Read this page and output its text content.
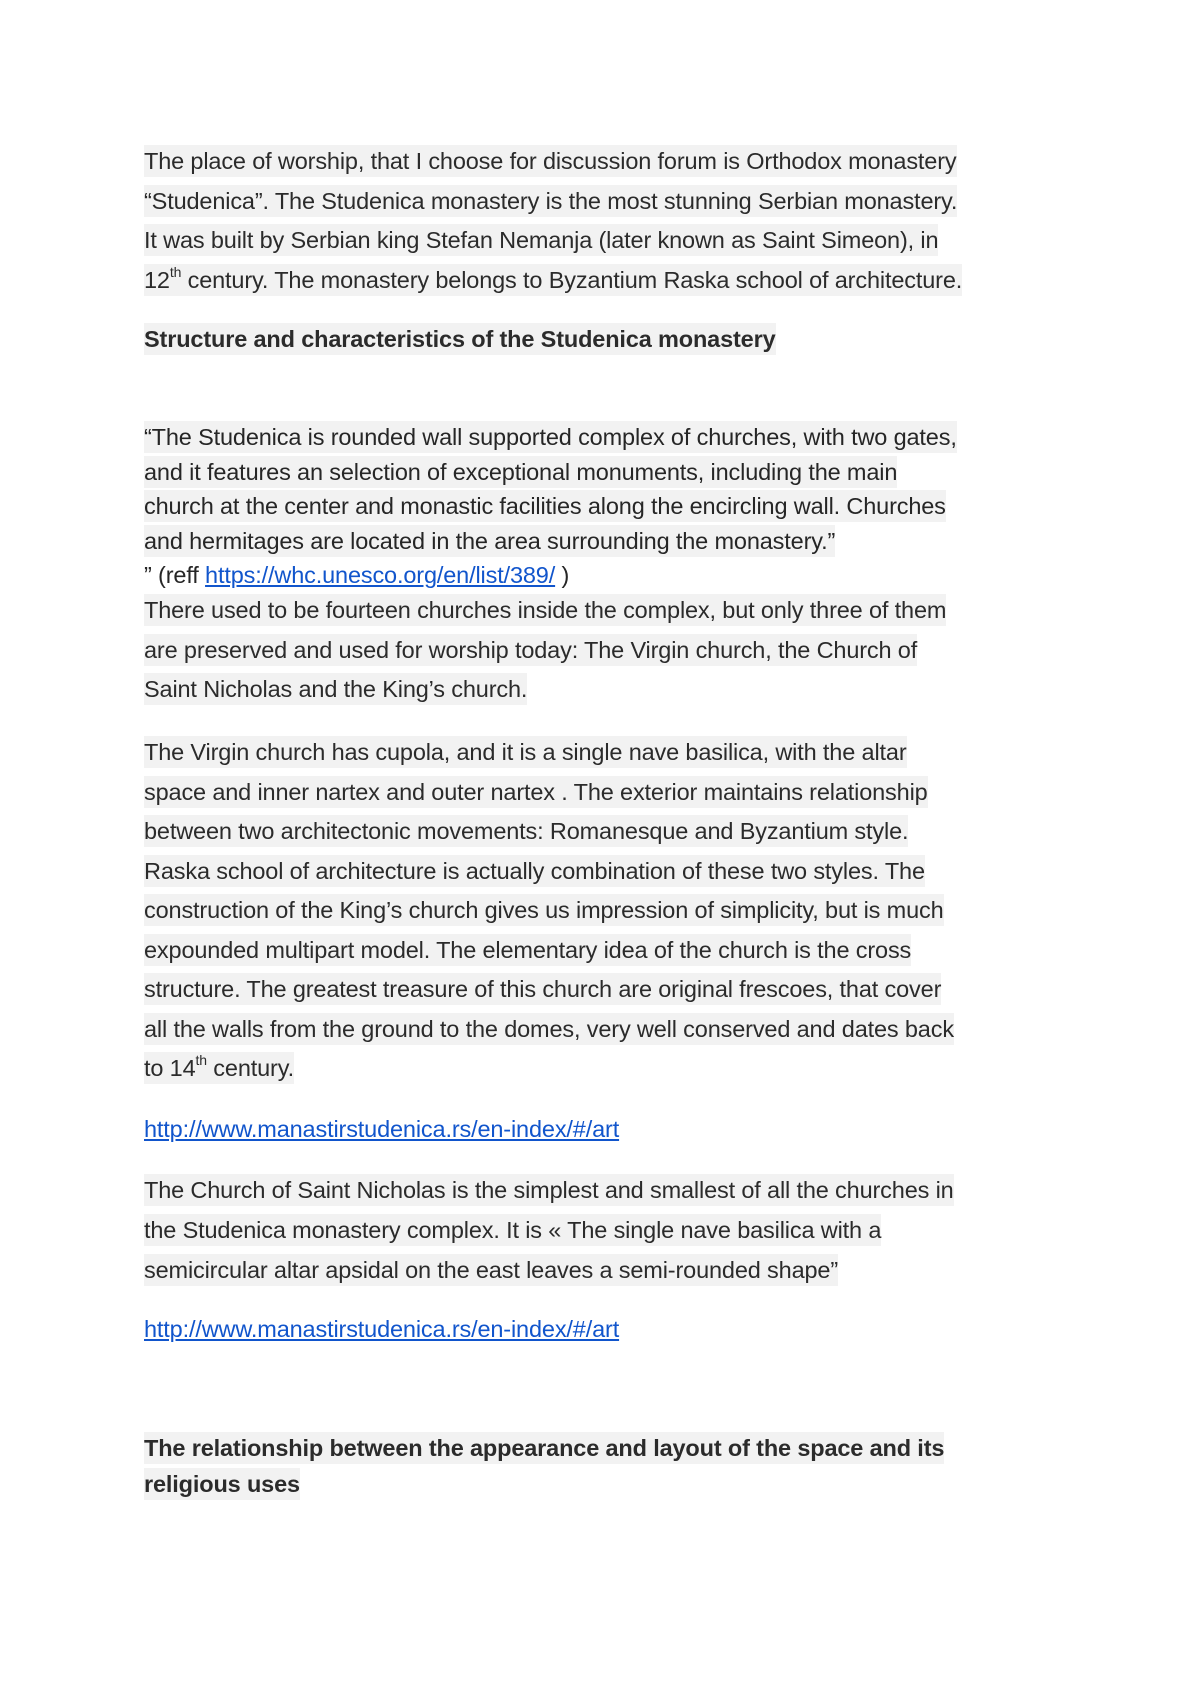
The place of worship, that I choose for discussion forum is Orthodox monastery
“Studenica”. The Studenica monastery is the most stunning Serbian monastery.
It was built by Serbian king Stefan Nemanja (later known as Saint Simeon), in
12th century. The monastery belongs to Byzantium Raska school of architecture.
Structure and characteristics of the Studenica monastery
“The Studenica is rounded wall supported complex of churches, with two gates,
and it features an selection of exceptional monuments, including the main
church at the center and monastic facilities along the encircling wall. Churches
and hermitages are located in the area surrounding the monastery.”
” (reff https://whc.unesco.org/en/list/389/ )
There used to be fourteen churches inside the complex, but only three of them
are preserved and used for worship today: The Virgin church, the Church of
Saint Nicholas and the King’s church.
The Virgin church has cupola, and it is a single nave basilica, with the altar
space and inner nartex and outer nartex . The exterior maintains relationship
between two architectonic movements: Romanesque and Byzantium style.
Raska school of architecture is actually combination of these two styles. The
construction of the King’s church gives us impression of simplicity, but is much
expounded multipart model. The elementary idea of the church is the cross
structure. The greatest treasure of this church are original frescoes, that cover
all the walls from the ground to the domes, very well conserved and dates back
to 14th century.
http://www.manastirstudenica.rs/en-index/#/art
The Church of Saint Nicholas is the simplest and smallest of all the churches in
the Studenica monastery complex. It is « The single nave basilica with a
semicircular altar apsidal on the east leaves a semi-rounded shape”
http://www.manastirstudenica.rs/en-index/#/art
The relationship between the appearance and layout of the space and its
religious uses
